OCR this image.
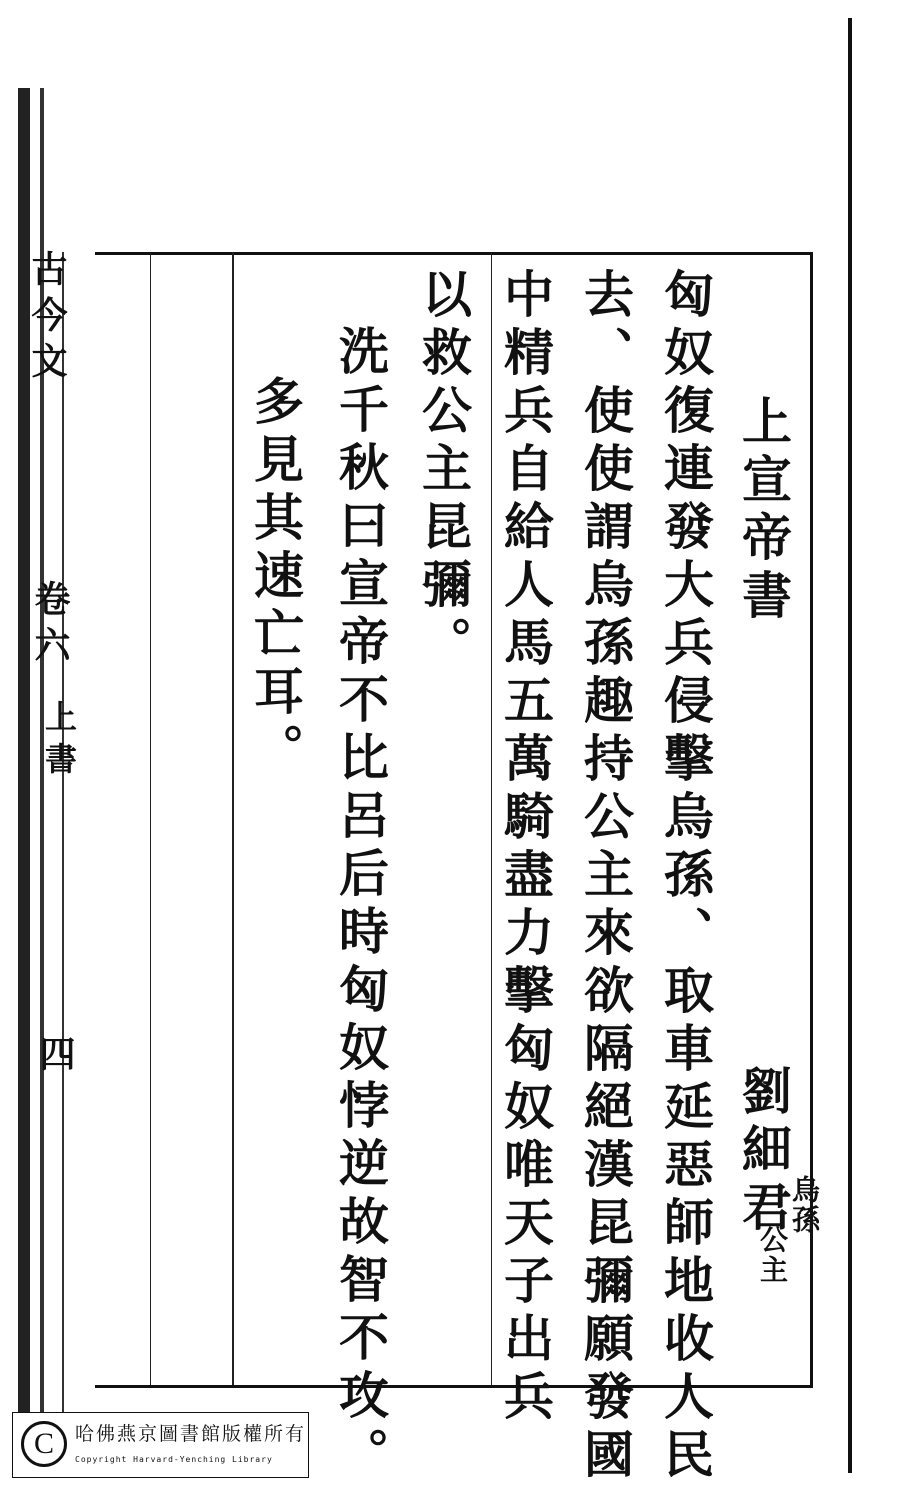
古今文
卷六
上書
四
上宣帝書
劉細君
烏孫
公主
匈奴復連發大兵侵擊烏孫、取車延惡師地收人民
去、使使謂烏孫趣持公主來欲隔絕漢昆彌願發國
中精兵自給人馬五萬騎盡力擊匈奴唯天子出兵
以救公主昆彌。
洗千秋曰宣帝不比呂后時匈奴悖逆故智不攻。
多見其速亡耳。
C	哈佛燕京圖書館版權所有
Copyright Harvard-Yenching Library
